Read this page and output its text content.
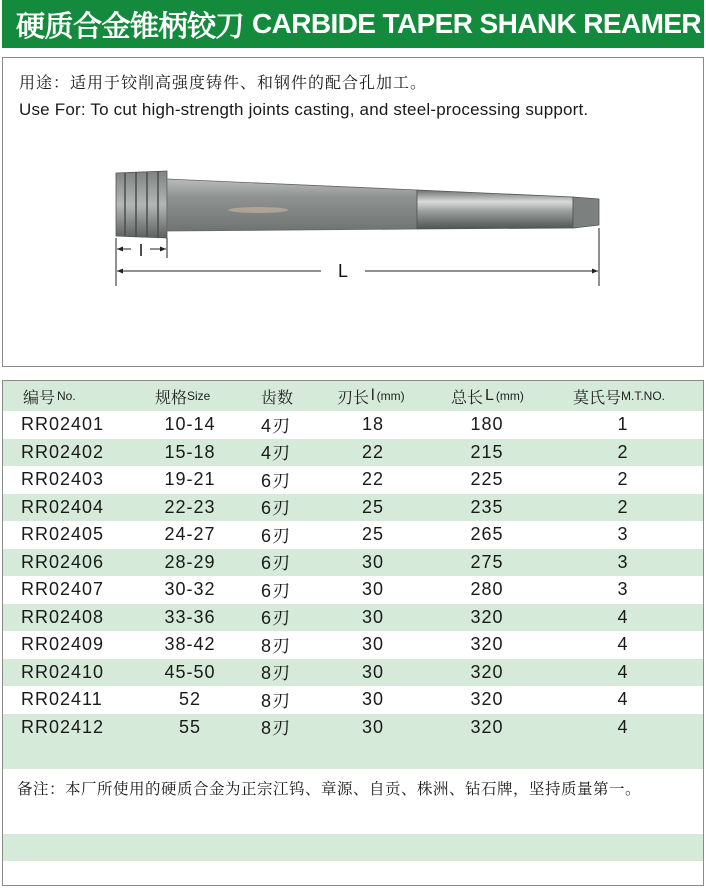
硬质合金锥柄铰刀 CARBIDE TAPER SHANK REAMER
用途：适用于铰削高强度铸件、和钢件的配合孔加工。
Use For: To cut high-strength joints casting, and steel-processing support.
l
L
编号 No.	规格 Size	齿数	刃长 l (mm)	总长 L (mm)	莫氏号 M.T.NO.
RR02401	10-14	4刃	18	180	1
RR02402	15-18	4刃	22	215	2
RR02403	19-21	6刃	22	225	2
RR02404	22-23	6刃	25	235	2
RR02405	24-27	6刃	25	265	3
RR02406	28-29	6刃	30	275	3
RR02407	30-32	6刃	30	280	3
RR02408	33-36	6刃	30	320	4
RR02409	38-42	8刃	30	320	4
RR02410	45-50	8刃	30	320	4
RR02411	52	8刃	30	320	4
RR02412	55	8刃	30	320	4
备注：本厂所使用的硬质合金为正宗江钨、章源、自贡、株洲、钻石牌，坚持质量第一。
